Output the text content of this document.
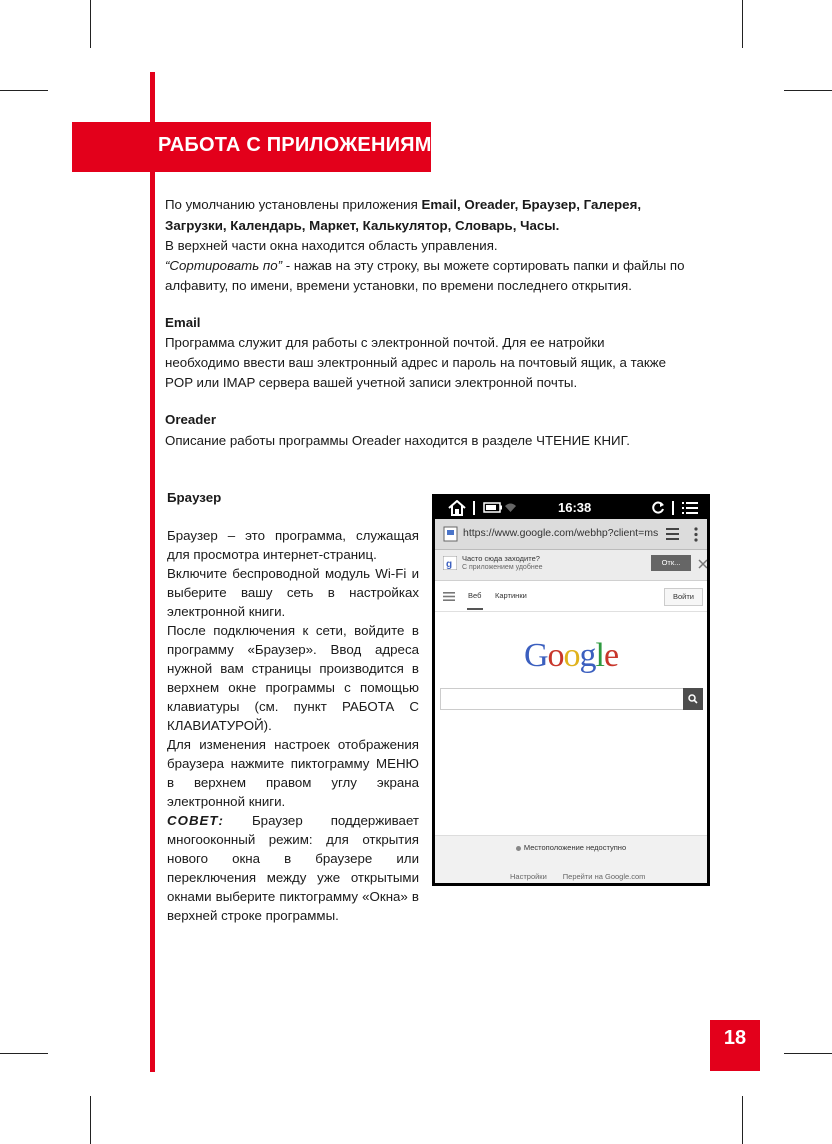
РАБОТА С ПРИЛОЖЕНИЯМИ
По умолчанию установлены приложения Email, Oreader, Браузер, Галерея,
Загрузки, Календарь, Маркет, Калькулятор, Словарь, Часы.
В верхней части окна находится область управления.
“Сортировать по” - нажав на эту строку, вы можете сортировать папки и файлы по
алфавиту, по имени, времени установки, по времени последнего открытия.
Email
Программа служит для работы с электронной почтой. Для ее натройки
необходимо ввести ваш электронный адрес и пароль на почтовый ящик, а также
POP или IMAP сервера вашей учетной записи электронной почты.
Oreader
Описание работы программы Oreader находится в разделе ЧТЕНИЕ КНИГ.

Браузер

Браузер – это программа, служащая для просмотра интернет-страниц.

Включите беспроводной модуль Wi-Fi и выберите вашу сеть в настройках электронной книги.

После подключения к сети, войдите в программу «Браузер». Ввод адреса нужной вам страницы производится в верхнем окне программы с помощью клавиатуры (см. пункт РАБОТА С КЛАВИАТУРОЙ).

Для изменения настроек отображения браузера нажмите пиктограмму МЕНЮ в верхнем правом углу экрана электронной книги.

СОВЕТ: Браузер поддерживает многооконный режим: для открытия нового окна в браузере или переключения между уже открытыми окнами выберите пиктограмму «Окна» в верхней строке программы.

16:38
https://www.google.com/webhp?client=ms
g
Часто сюда заходите?
С приложением удобнее
Отк...
Веб Картинки	Войти
Google
Местоположение недоступно
Настройки Перейти на Google.com
18
